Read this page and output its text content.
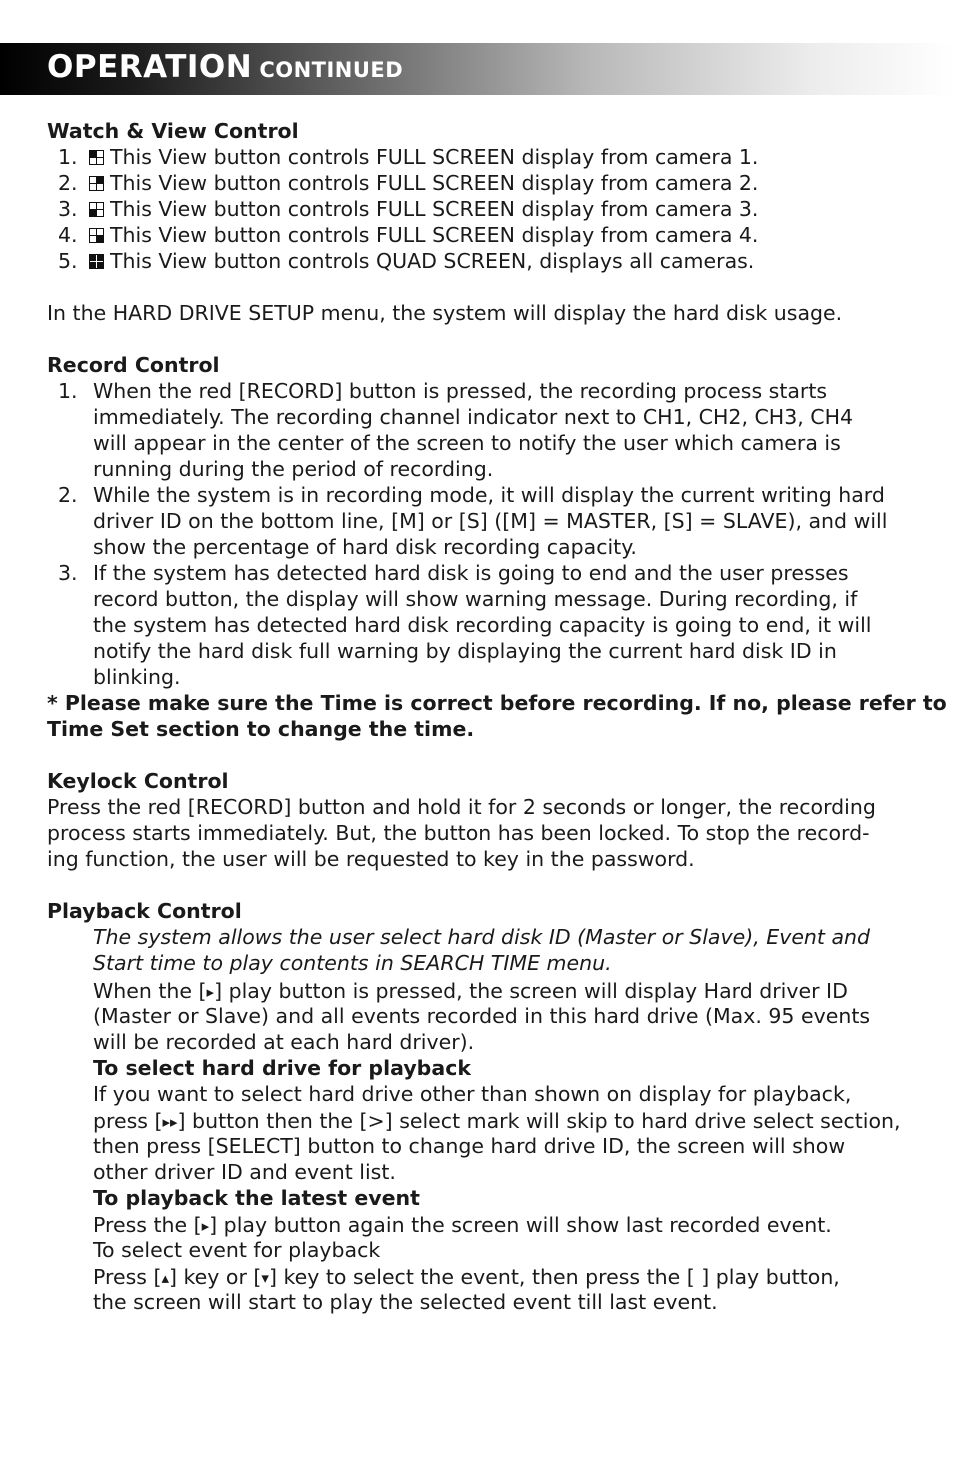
OPERATION CONTINUED
Watch & View Control
1.	This View button controls FULL SCREEN display from camera 1.
2.	This View button controls FULL SCREEN display from camera 2.
3.	This View button controls FULL SCREEN display from camera 3.
4.	This View button controls FULL SCREEN display from camera 4.
5.	This View button controls QUAD SCREEN, displays all cameras.
In the HARD DRIVE SETUP menu, the system will display the hard disk usage.
Record Control
1. When the red [RECORD] button is pressed, the recording process starts
immediately. The recording channel indicator next to CH1, CH2, CH3, CH4
will appear in the center of the screen to notify the user which camera is
running during the period of recording.
2. While the system is in recording mode, it will display the current writing hard
driver ID on the bottom line, [M] or [S] ([M] = MASTER, [S] = SLAVE), and will
show the percentage of hard disk recording capacity.
3. If the system has detected hard disk is going to end and the user presses
record button, the display will show warning message. During recording, if
the system has detected hard disk recording capacity is going to end, it will
notify the hard disk full warning by displaying the current hard disk ID in
blinking.
* Please make sure the Time is correct before recording. If no, please refer to
Time Set section to change the time.
Keylock Control
Press the red [RECORD] button and hold it for 2 seconds or longer, the recording
process starts immediately. But, the button has been locked. To stop the record-
ing function, the user will be requested to key in the password.
Playback Control
The system allows the user select hard disk ID (Master or Slave), Event and
Start time to play contents in SEARCH TIME menu.
When the [▸] play button is pressed, the screen will display Hard driver ID
(Master or Slave) and all events recorded in this hard drive (Max. 95 events
will be recorded at each hard driver).
To select hard drive for playback
If you want to select hard drive other than shown on display for playback,
press [▸▸] button then the [>] select mark will skip to hard drive select section,
then press [SELECT] button to change hard drive ID, the screen will show
other driver ID and event list.
To playback the latest event
Press the [▸] play button again the screen will show last recorded event.
To select event for playback
Press [▴] key or [▾] key to select the event, then press the [ ] play button,
the screen will start to play the selected event till last event.
